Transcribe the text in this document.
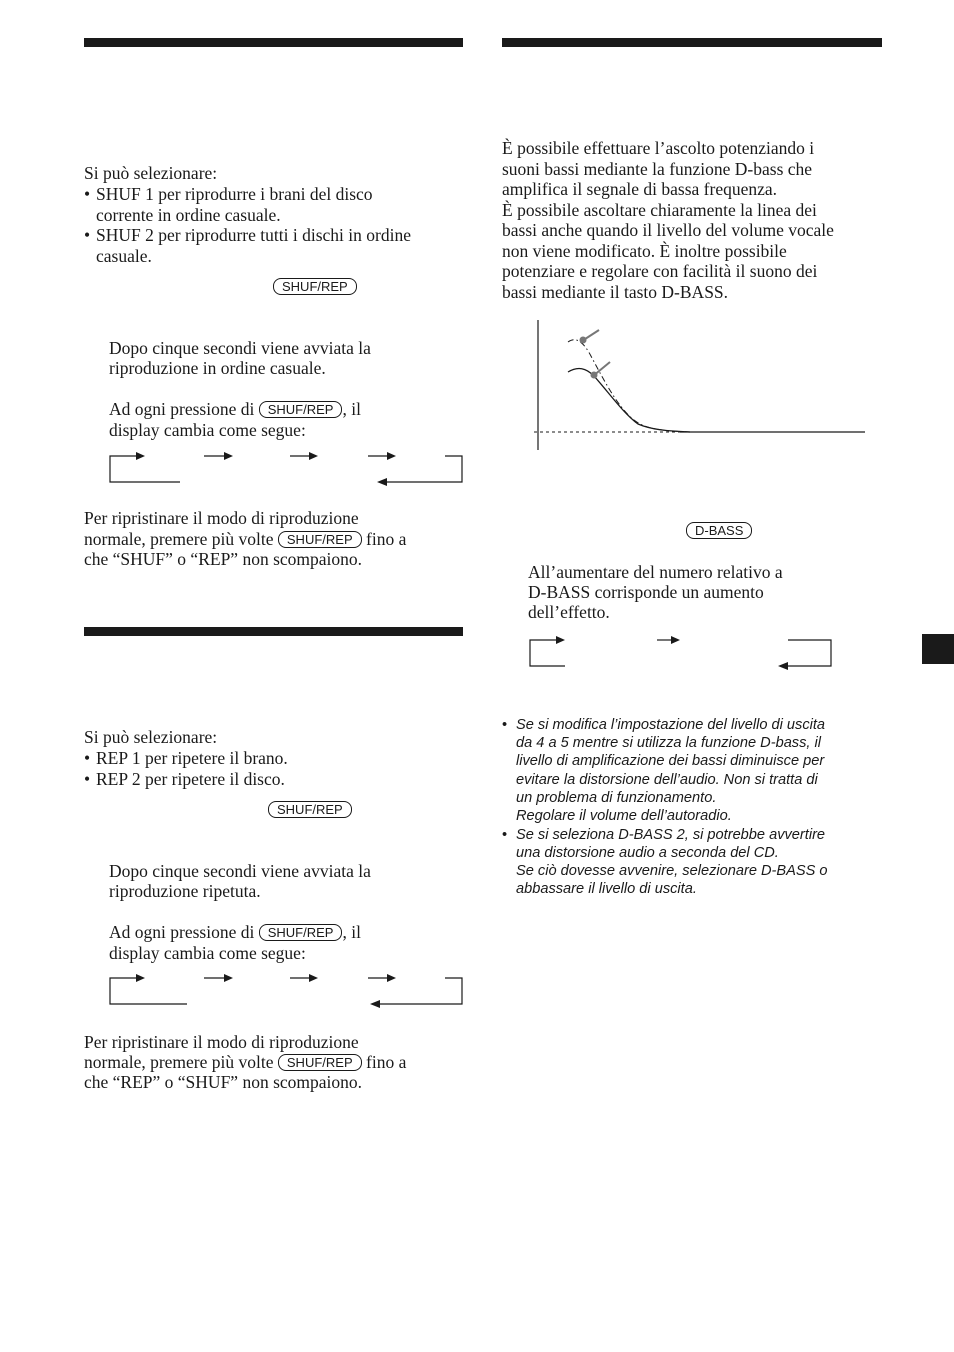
Si può selezionare:
• SHUF 1 per riprodurre i brani del disco
corrente in ordine casuale.
• SHUF 2 per riprodurre tutti i dischi in ordine
casuale.
SHUF/REP
Dopo cinque secondi viene avviata la
riproduzione in ordine casuale.
Ad ogni pressione di SHUF/REP , il
display cambia come segue:
Per ripristinare il modo di riproduzione
normale, premere più volte SHUF/REP fino a
che “SHUF” o “REP” non scompaiono.
Si può selezionare:
• REP 1 per ripetere il brano.
• REP 2 per ripetere il disco.
SHUF/REP
Dopo cinque secondi viene avviata la
riproduzione ripetuta.
Ad ogni pressione di SHUF/REP , il
display cambia come segue:
Per ripristinare il modo di riproduzione
normale, premere più volte SHUF/REP fino a
che “REP” o “SHUF” non scompaiono.
È possibile effettuare l’ascolto potenziando i
suoni bassi mediante la funzione D-bass che
amplifica il segnale di bassa frequenza.
È possibile ascoltare chiaramente la linea dei
bassi anche quando il livello del volume vocale
non viene modificato. È inoltre possibile
potenziare e regolare con facilità il suono dei
bassi mediante il tasto D-BASS.
D-BASS
All’aumentare del numero relativo a
D-BASS corrisponde un aumento
dell’effetto.
• Se si modifica l’impostazione del livello di uscita
da 4 a 5 mentre si utilizza la funzione D-bass, il
livello di amplificazione dei bassi diminuisce per
evitare la distorsione dell’audio. Non si tratta di
un problema di funzionamento.
Regolare il volume dell’autoradio.
• Se si seleziona D-BASS 2, si potrebbe avvertire
una distorsione audio a seconda del CD.
Se ciò dovesse avvenire, selezionare D-BASS o
abbassare il livello di uscita.
